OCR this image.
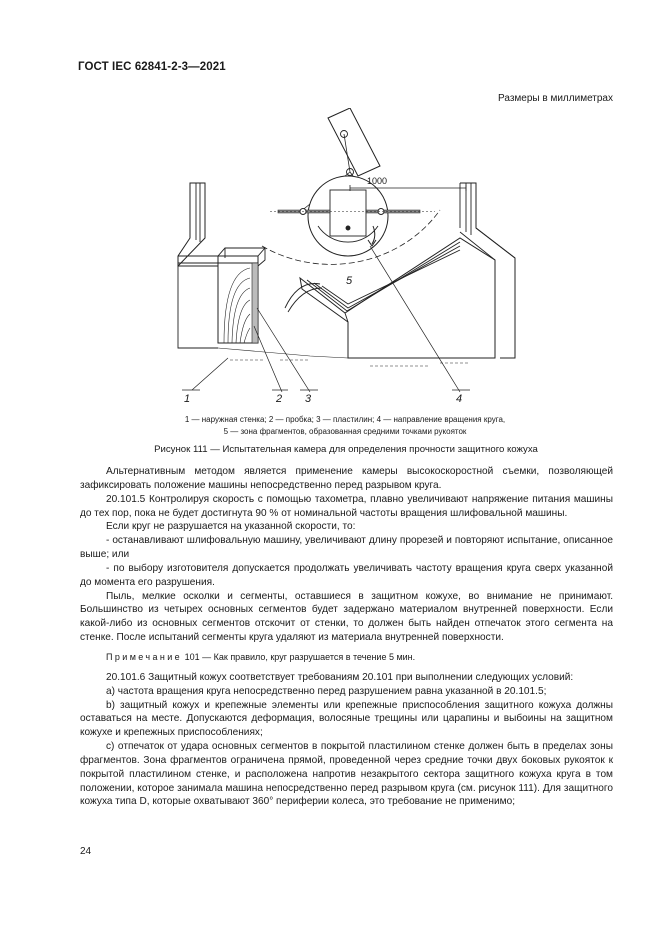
ГОСТ IEC 62841-2-3—2021
Размеры в миллиметрах
1000
5
1	2 3	4
1 — наружная стенка; 2 — пробка; 3 — пластилин; 4 — направление вращения круга,
5 — зона фрагментов, образованная средними точками рукояток
Рисунок 111 — Испытательная камера для определения прочности защитного кожуха

Альтернативным методом является применение камеры высокоскоростной съемки, позволяющей зафиксировать положение машины непосредственно перед разрывом круга.

20.101.5 Контролируя скорость с помощью тахометра, плавно увеличивают напряжение питания машины до тех пор, пока не будет достигнута 90 % от номинальной частоты вращения шлифовальной машины.

Если круг не разрушается на указанной скорости, то:

- останавливают шлифовальную машину, увеличивают длину прорезей и повторяют испытание, описанное выше; или

- по выбору изготовителя допускается продолжать увеличивать частоту вращения круга сверх указанной до момента его разрушения.

Пыль, мелкие осколки и сегменты, оставшиеся в защитном кожухе, во внимание не принимают. Большинство из четырех основных сегментов будет задержано материалом внутренней поверхности. Если какой-либо из основных сегментов отскочит от стенки, то должен быть найден отпечаток этого сегмента на стенке. После испытаний сегменты круга удаляют из материала внутренней поверхности.

Примечание 101 — Как правило, круг разрушается в течение 5 мин.

20.101.6 Защитный кожух соответствует требованиям 20.101 при выполнении следующих условий:

а) частота вращения круга непосредственно перед разрушением равна указанной в 20.101.5;

b) защитный кожух и крепежные элементы или крепежные приспособления защитного кожуха должны оставаться на месте. Допускаются деформация, волосяные трещины или царапины и выбоины на защитном кожухе и крепежных приспособлениях;

с) отпечаток от удара основных сегментов в покрытой пластилином стенке должен быть в пределах зоны фрагментов. Зона фрагментов ограничена прямой, проведенной через средние точки двух боковых рукояток к покрытой пластилином стенке, и расположена напротив незакрытого сектора защитного кожуха круга в том положении, которое занимала машина непосредственно перед разрывом круга (см. рисунок 111). Для защитного кожуха типа D, которые охватывают 360° периферии колеса, это требование не применимо;

24
